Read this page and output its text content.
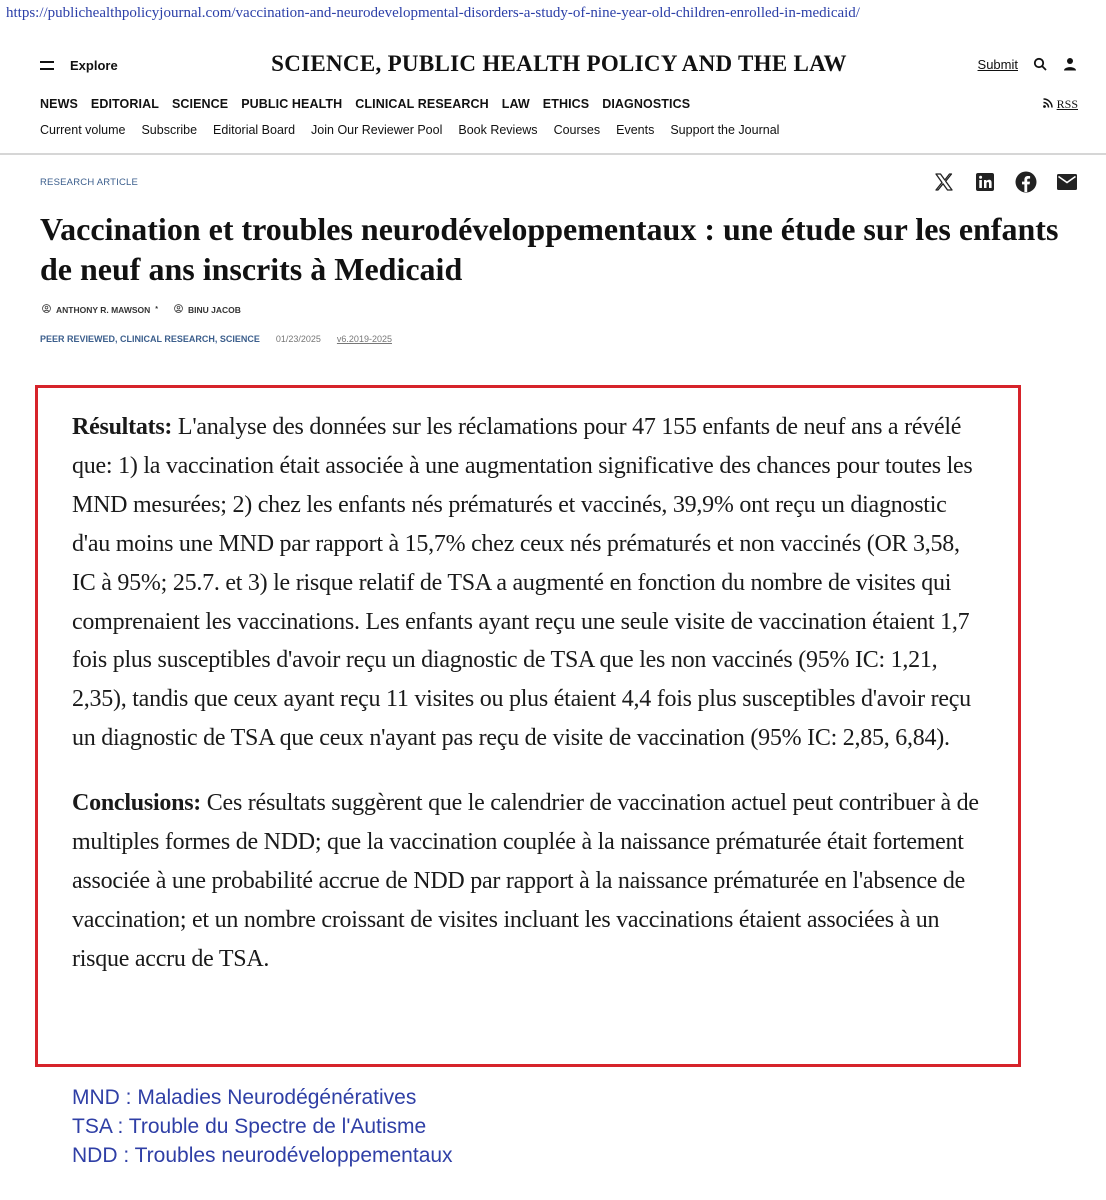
https://publichealthpolicyjournal.com/vaccination-and-neurodevelopmental-disorders-a-study-of-nine-year-old-children-enrolled-in-medicaid/
Explore	SCIENCE, PUBLIC HEALTH POLICY AND THE LAW	Submit
NEWS EDITORIAL SCIENCE PUBLIC HEALTH CLINICAL RESEARCH LAW ETHICS DIAGNOSTICS	RSS
Current volume Subscribe Editorial Board Join Our Reviewer Pool Book Reviews Courses Events Support the Journal
RESEARCH ARTICLE
Vaccination et troubles neurodéveloppementaux : une étude sur les enfants de neuf ans inscrits à Medicaid
ANTHONY R. MAWSON *	BINU JACOB
PEER REVIEWED, CLINICAL RESEARCH, SCIENCE 01/23/2025 v6.2019-2025

Résultats: L'analyse des données sur les réclamations pour 47 155 enfants de neuf ans a révélé que: 1) la vaccination était associée à une augmentation significative des chances pour toutes les MND mesurées; 2) chez les enfants nés prématurés et vaccinés, 39,9% ont reçu un diagnostic d'au moins une MND par rapport à 15,7% chez ceux nés prématurés et non vaccinés (OR 3,58, IC à 95%; 25.7. et 3) le risque relatif de TSA a augmenté en fonction du nombre de visites qui comprenaient les vaccinations. Les enfants ayant reçu une seule visite de vaccination étaient 1,7 fois plus susceptibles d'avoir reçu un diagnostic de TSA que les non vaccinés (95% IC: 1,21, 2,35), tandis que ceux ayant reçu 11 visites ou plus étaient 4,4 fois plus susceptibles d'avoir reçu un diagnostic de TSA que ceux n'ayant pas reçu de visite de vaccination (95% IC: 2,85, 6,84).

Conclusions: Ces résultats suggèrent que le calendrier de vaccination actuel peut contribuer à de multiples formes de NDD; que la vaccination couplée à la naissance prématurée était fortement associée à une probabilité accrue de NDD par rapport à la naissance prématurée en l'absence de vaccination; et un nombre croissant de visites incluant les vaccinations étaient associées à un risque accru de TSA.

MND : Maladies Neurodégénératives
TSA : Trouble du Spectre de l'Autisme
NDD : Troubles neurodéveloppementaux
